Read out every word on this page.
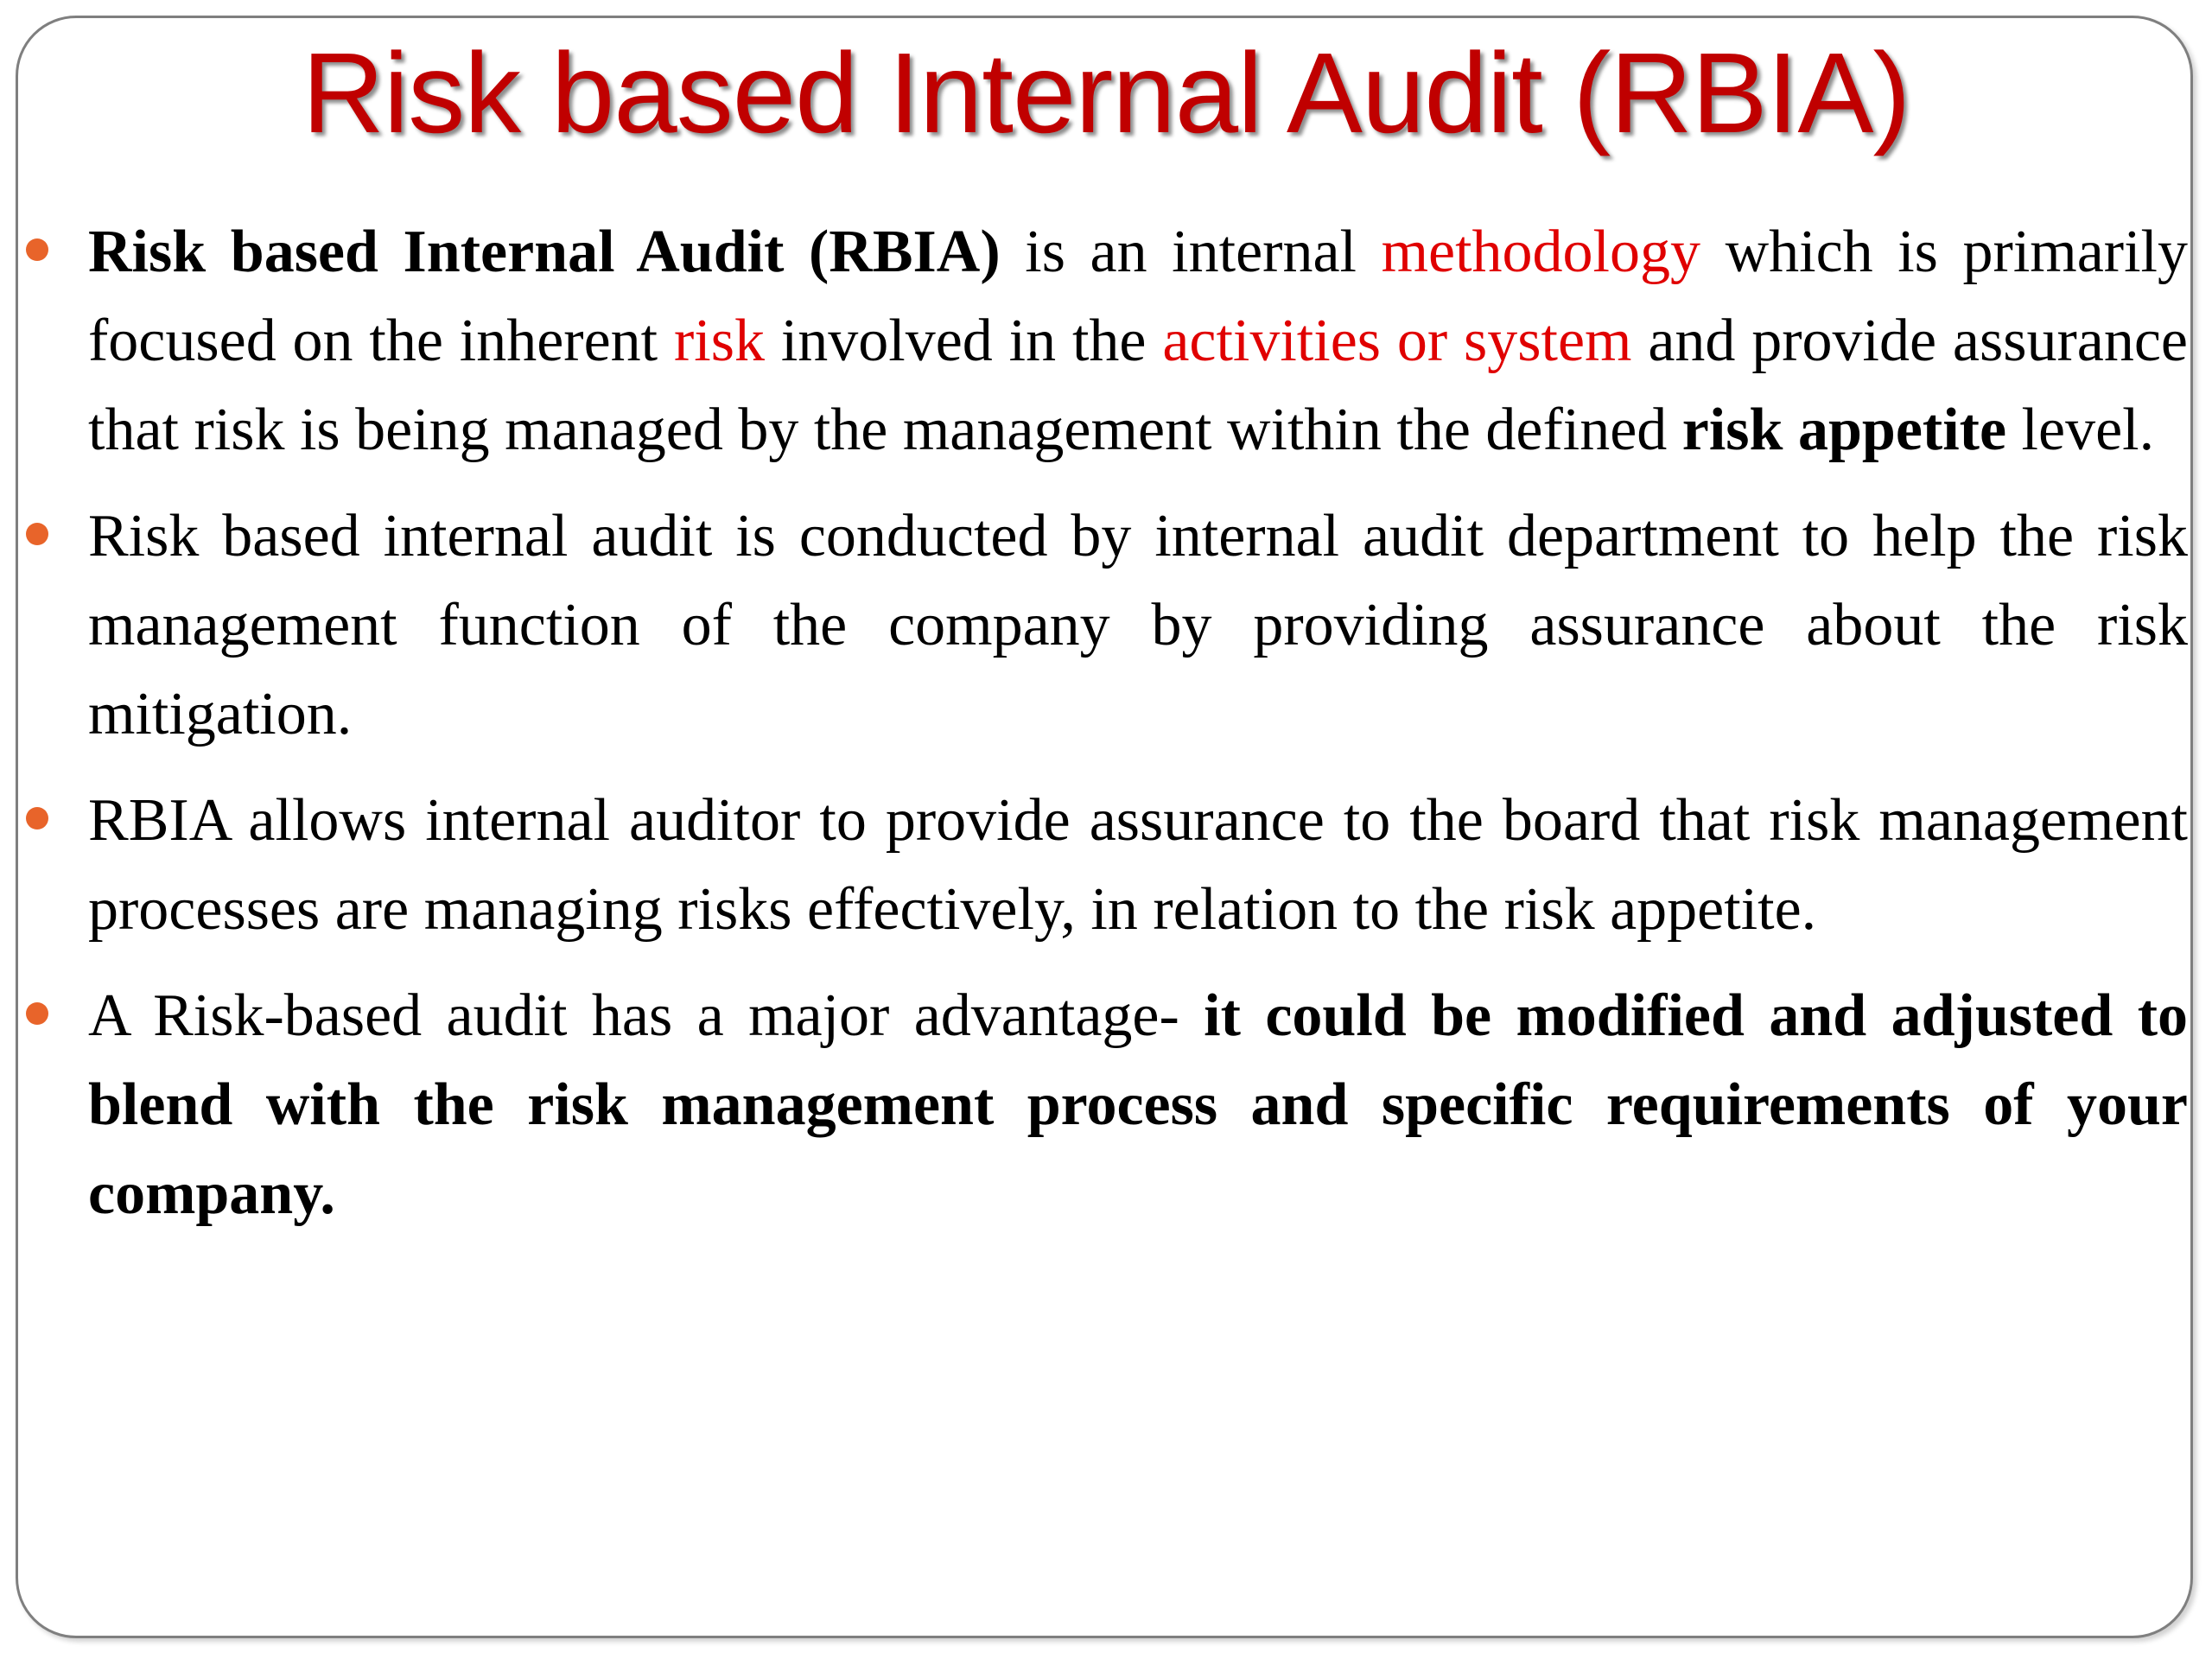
Risk based Internal Audit (RBIA)
Risk based Internal Audit (RBIA) is an internal methodology which is primarily focused on the inherent risk involved in the activities or system and provide assurance that risk is being managed by the management within the defined risk appetite level.
Risk based internal audit is conducted by internal audit department to help the risk management function of the company by providing assurance about the risk mitigation.
RBIA allows internal auditor to provide assurance to the board that risk management processes are managing risks effectively, in relation to the risk appetite.
A Risk-based audit has a major advantage- it could be modified and adjusted to blend with the risk management process and specific requirements of your company.
